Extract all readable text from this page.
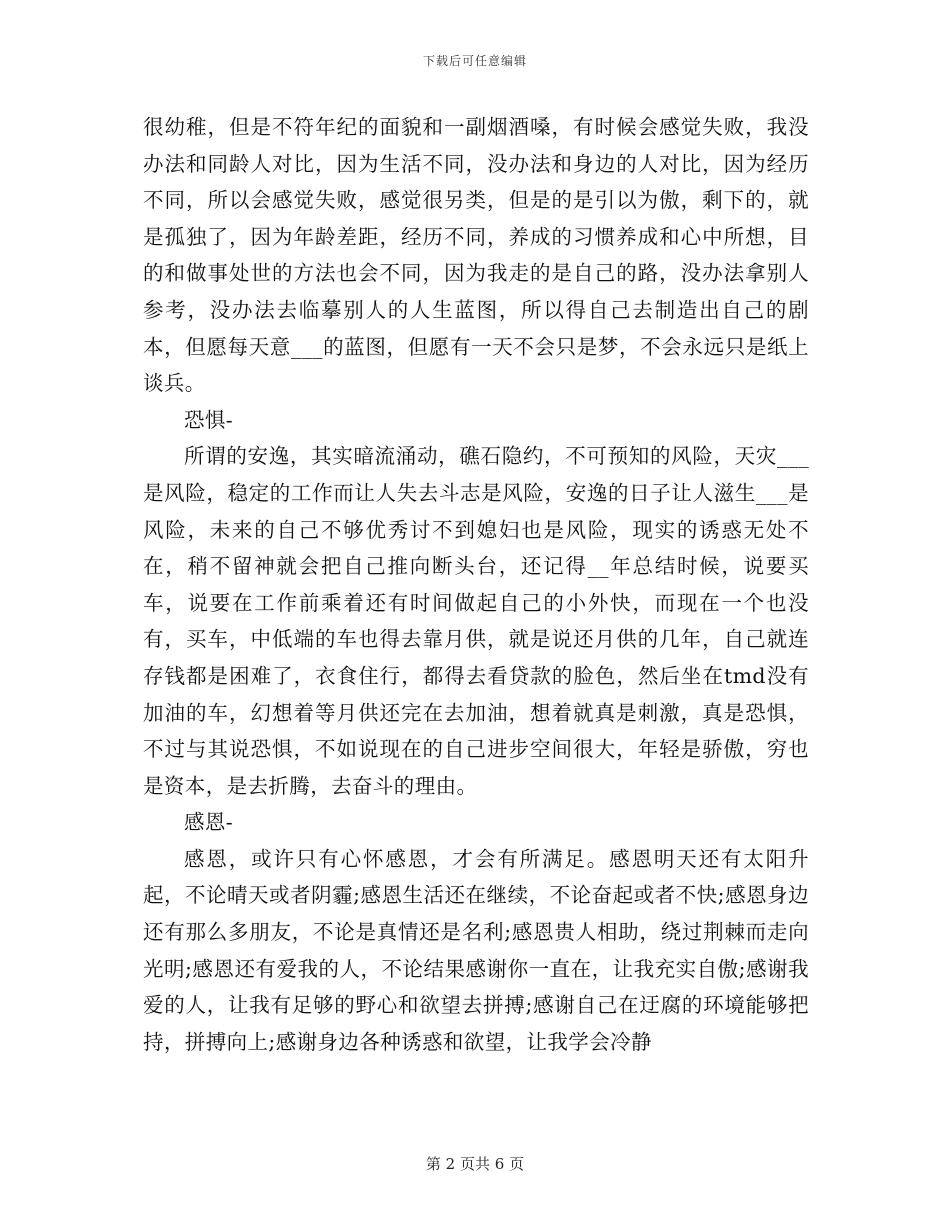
下载后可任意编辑

很幼稚，但是不符年纪的面貌和一副烟酒嗓，有时候会感觉失败，我没办法和同龄人对比，因为生活不同，没办法和身边的人对比，因为经历不同，所以会感觉失败，感觉很另类，但是的是引以为傲，剩下的，就是孤独了，因为年龄差距，经历不同，养成的习惯养成和心中所想，目的和做事处世的方法也会不同，因为我走的是自己的路，没办法拿别人参考，没办法去临摹别人的人生蓝图，所以得自己去制造出自己的剧本，但愿每天意___的蓝图，但愿有一天不会只是梦，不会永远只是纸上谈兵。

恐惧-

所谓的安逸，其实暗流涌动，礁石隐约，不可预知的风险，天灾___是风险，稳定的工作而让人失去斗志是风险，安逸的日子让人滋生___是风险，未来的自己不够优秀讨不到媳妇也是风险，现实的诱惑无处不在，稍不留神就会把自己推向断头台，还记得__年总结时候，说要买车，说要在工作前乘着还有时间做起自己的小外快，而现在一个也没有，买车，中低端的车也得去靠月供，就是说还月供的几年，自己就连存钱都是困难了，衣食住行，都得去看贷款的脸色，然后坐在tmd没有加油的车，幻想着等月供还完在去加油，想着就真是刺激，真是恐惧，不过与其说恐惧，不如说现在的自己进步空间很大，年轻是骄傲，穷也是资本，是去折腾，去奋斗的理由。

感恩-

感恩，或许只有心怀感恩，才会有所满足。感恩明天还有太阳升起，不论晴天或者阴霾;感恩生活还在继续，不论奋起或者不快;感恩身边还有那么多朋友，不论是真情还是名利;感恩贵人相助，绕过荆棘而走向光明;感恩还有爱我的人，不论结果感谢你一直在，让我充实自傲;感谢我爱的人，让我有足够的野心和欲望去拼搏;感谢自己在迂腐的环境能够把持，拼搏向上;感谢身边各种诱惑和欲望，让我学会冷静

第 2 页共 6 页
